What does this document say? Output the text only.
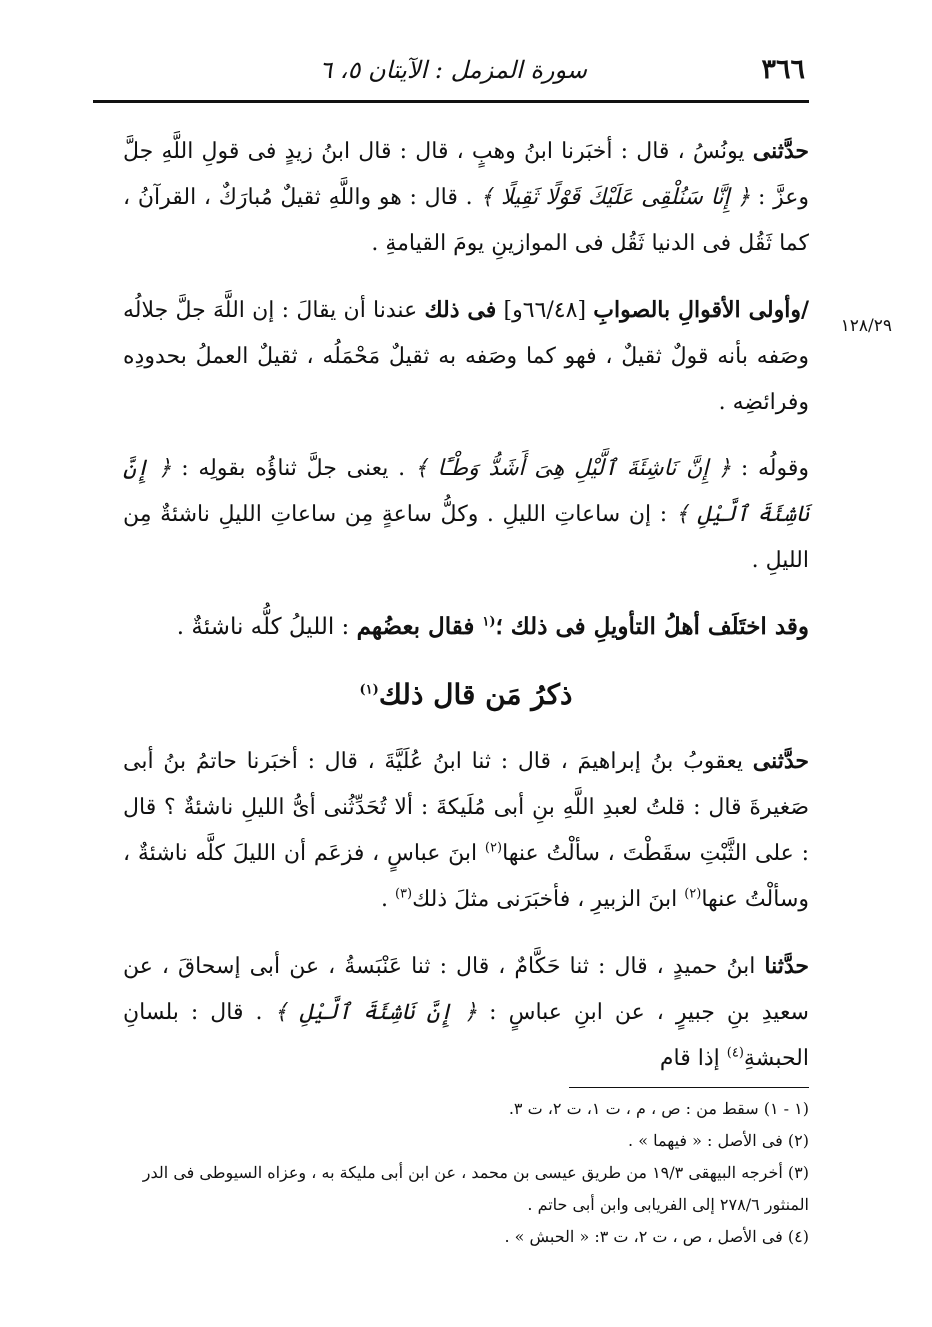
٣٦٦
سورة المزمل : الآيتان ٥، ٦
١٢٨/٢٩

حدَّثنى يونُسُ ، قال : أخبَرنا ابنُ وهبٍ ، قال : قال ابنُ زيدٍ فى قولِ اللَّهِ جلَّ وعزَّ : ﴿ إِنَّا سَنُلْقِى عَلَيْكَ قَوْلًا ثَقِيلًا ﴾ . قال : هو واللَّهِ ثقيلٌ مُبارَكٌ ، القرآنُ ، كما ثَقُل فى الدنيا ثَقُل فى الموازينِ يومَ القيامةِ .

/وأولى الأقوالِ بالصوابِ [٦٦/٤٨و] فى ذلك عندنا أن يقالَ : إن اللَّهَ جلَّ جلالُه وصَفه بأنه قولٌ ثقيلٌ ، فهو كما وصَفه به ثقيلٌ مَحْمَلُه ، ثقيلٌ العملُ بحدودِه وفرائضِه .

وقولُه : ﴿ إِنَّ نَاشِئَةَ ٱلَّيْلِ هِىَ أَشَدُّ وَطْـًٔا ﴾ . يعنى جلَّ ثناؤُه بقولِه : ﴿ إِنَّ نَاشِئَةَ ٱلَّيْلِ ﴾ : إن ساعاتِ الليلِ . وكلُّ ساعةٍ مِن ساعاتِ الليلِ ناشئةٌ مِن الليلِ .

وقد اختَلَف أهلُ التأويلِ فى ذلك ؛$^{(١}$ فقال بعضُهم : الليلُ كلُّه ناشئةٌ .

ذكرُ مَن قال ذلك$^{(١)}$

حدَّثنى يعقوبُ بنُ إبراهيمَ ، قال : ثنا ابنُ عُلَيَّةَ ، قال : أخبَرنا حاتمُ بنُ أبى صَغيرةَ قال : قلتُ لعبدِ اللَّهِ بنِ أبى مُلَيكةَ : ألا تُحَدِّثُنى أىُّ الليلِ ناشئةٌ ؟ قال : على الثَّبْتِ سقَطْتَ ، سألْتُ عنها$^{(٢)}$ ابنَ عباسٍ ، فزعَم أن الليلَ كلَّه ناشئةٌ ، وسألْتُ عنها$^{(٢)}$ ابنَ الزبيرِ ، فأخبَرَنى مثلَ ذلك$^{(٣)}$ .

حدَّثنا ابنُ حميدٍ ، قال : ثنا حَكَّامٌ ، قال : ثنا عَنْبَسةُ ، عن أبى إسحاقَ ، عن سعيدِ بنِ جبيرٍ ، عن ابنِ عباسٍ : ﴿ إِنَّ نَاشِئَةَ ٱلَّيْلِ ﴾ . قال : بلسانِ الحبشةِ$^{(٤)}$ إذا قام

(١ - ١) سقط من : ص ، م ، ت ١، ت ٢، ت ٣.
(٢) فى الأصل : « فيهما » .
(٣) أخرجه البيهقى ١٩/٣ من طريق عيسى بن محمد ، عن ابن أبى مليكة به ، وعزاه السيوطى فى الدر المنثور ٢٧٨/٦ إلى الفريابى وابن أبى حاتم .
(٤) فى الأصل ، ص ، ت ٢، ت ٣: « الحبش » .
